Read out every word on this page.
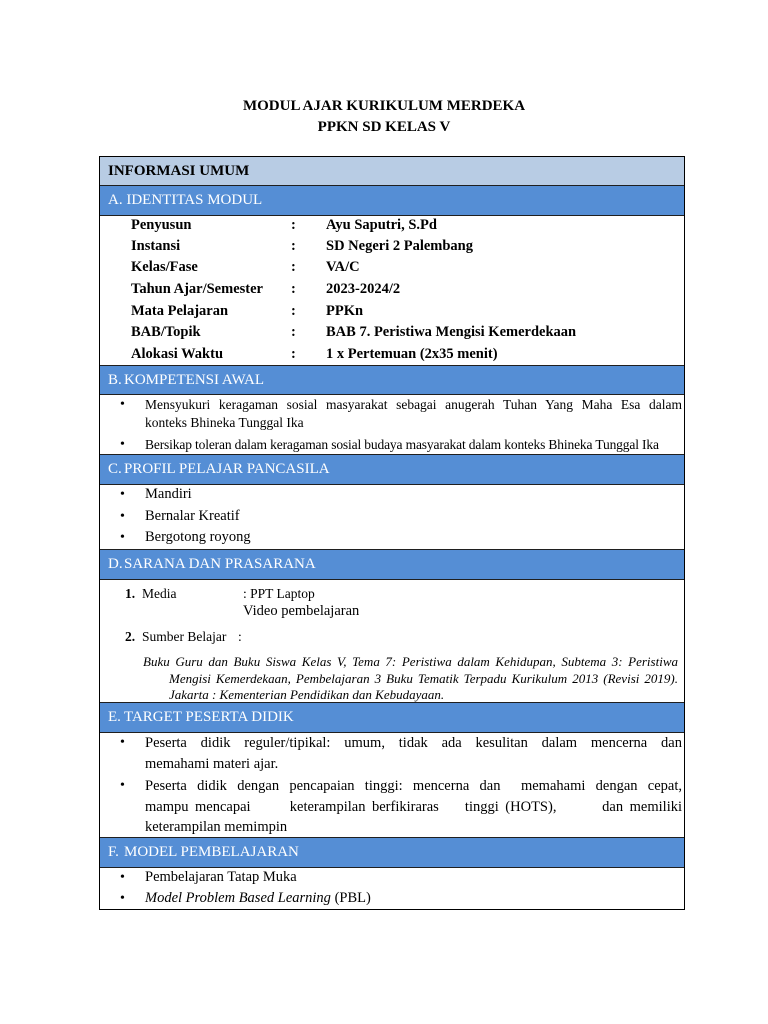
MODUL AJAR KURIKULUM MERDEKA
PPKN SD KELAS V
INFORMASI UMUM
A. IDENTITAS MODUL
Penyusun	: Ayu Saputri, S.Pd
Instansi	: SD Negeri 2 Palembang
Kelas/Fase	: VA/C
Tahun Ajar/Semester : 2023-2024/2
Mata Pelajaran	: PPKn
BAB/Topik	: BAB 7. Peristiwa Mengisi Kemerdekaan
Alokasi Waktu	: 1 x Pertemuan (2x35 menit)
B. KOMPETENSI AWAL
• Mensyukuri keragaman sosial masyarakat sebagai anugerah Tuhan Yang Maha Esa dalam
konteks Bhineka Tunggal Ika
• Bersikap toleran dalam keragaman sosial budaya masyarakat dalam konteks Bhineka Tunggal Ika
C. PROFIL PELAJAR PANCASILA
• Mandiri
• Bernalar Kreatif
• Bergotong royong
D. SARANA DAN PRASARANA
1. Media	: PPT Laptop
Video pembelajaran
2. Sumber Belajar :
Buku Guru dan Buku Siswa Kelas V, Tema 7: Peristiwa dalam Kehidupan, Subtema 3: Peristiwa
Mengisi Kemerdekaan, Pembelajaran 3 Buku Tematik Terpadu Kurikulum 2013 (Revisi 2019). Jakarta : Kementerian Pendidikan dan Kebudayaan.
E. TARGET PESERTA DIDIK
• Peserta didik reguler/tipikal: umum, tidak ada kesulitan dalam mencerna dan
memahami materi ajar.
• Peserta didik dengan pencapaian tinggi: mencerna dan  memahami dengan cepat,
mampu mencapai      keterampilan berfikiraras    tinggi (HOTS),       dan memiliki
keterampilan memimpin
F. MODEL PEMBELAJARAN
• Pembelajaran Tatap Muka
• Model Problem Based Learning (PBL)
